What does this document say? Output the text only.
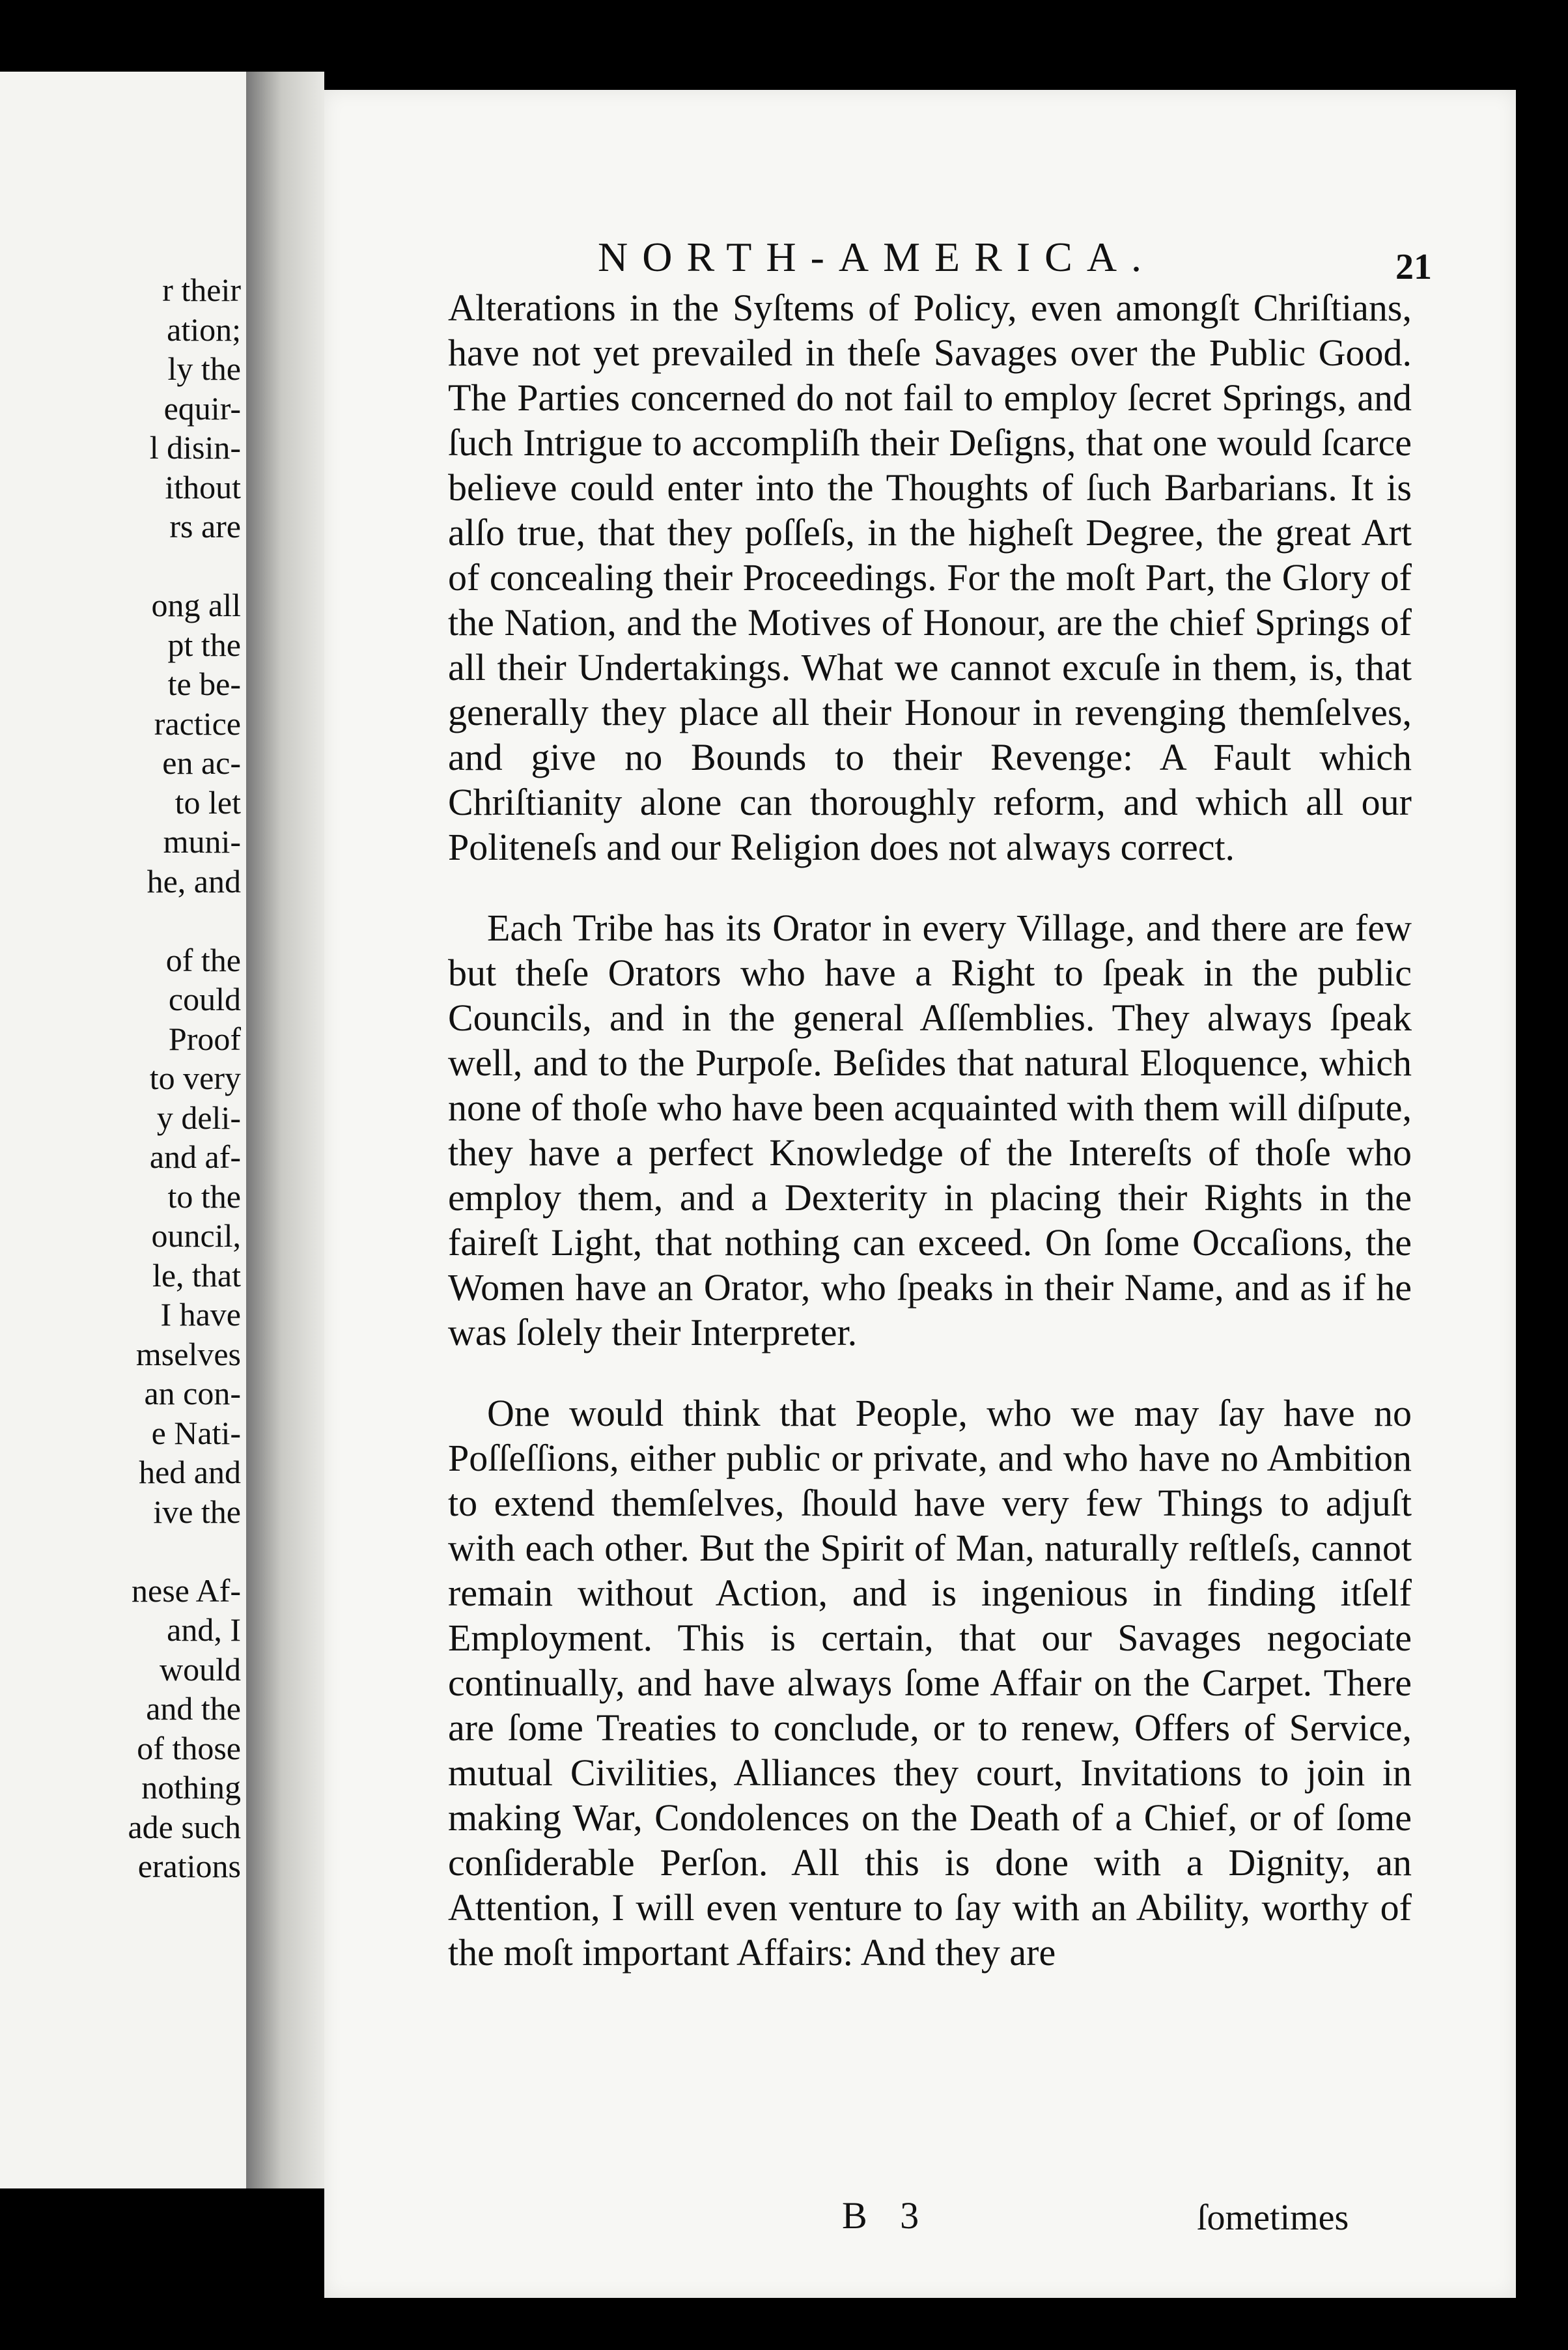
r their
ation;
ly the
equir-
l disin-
ithout
rs are
ong all
pt the
te be-
ractice
en ac-
to let
muni-
he, and
of the
could
Proof
to very
y deli-
and af-
to the
ouncil,
le, that
I have
mselves
an con-
e Nati-
hed and
ive the
nese Af-
and, I
would
and the
of those
nothing
ade such
erations
NORTH-AMERICA.	21

Alterations in the Syſtems of Policy, even amongſt Chriſtians, have not yet prevailed in theſe Savages over the Public Good. The Parties concerned do not fail to employ ſecret Springs, and ſuch Intrigue to accompliſh their Deſigns, that one would ſcarce believe could enter into the Thoughts of ſuch Barbarians. It is alſo true, that they poſſeſs, in the higheſt Degree, the great Art of concealing their Proceedings. For the moſt Part, the Glory of the Nation, and the Motives of Honour, are the chief Springs of all their Undertakings. What we cannot excuſe in them, is, that generally they place all their Honour in revenging themſelves, and give no Bounds to their Revenge: A Fault which Chriſtianity alone can thoroughly reform, and which all our Politeneſs and our Religion does not always correct.

Each Tribe has its Orator in every Village, and there are few but theſe Orators who have a Right to ſpeak in the public Councils, and in the general Aſſemblies. They always ſpeak well, and to the Purpoſe. Beſides that natural Eloquence, which none of thoſe who have been acquainted with them will diſpute, they have a perfect Knowledge of the Intereſts of thoſe who employ them, and a Dexterity in placing their Rights in the faireſt Light, that nothing can exceed. On ſome Occaſions, the Women have an Orator, who ſpeaks in their Name, and as if he was ſolely their Interpreter.

One would think that People, who we may ſay have no Poſſeſſions, either public or private, and who have no Ambition to extend themſelves, ſhould have very few Things to adjuſt with each other. But the Spirit of Man, naturally reſtleſs, cannot remain without Action, and is ingenious in finding itſelf Employment. This is certain, that our Savages negociate continually, and have always ſome Affair on the Carpet. There are ſome Treaties to conclude, or to renew, Offers of Service, mutual Civilities, Alliances they court, Invitations to join in making War, Condolences on the Death of a Chief, or of ſome conſiderable Perſon. All this is done with a Dignity, an Attention, I will even venture to ſay with an Ability, worthy of the moſt important Affairs: And they are

B 3	ſometimes
